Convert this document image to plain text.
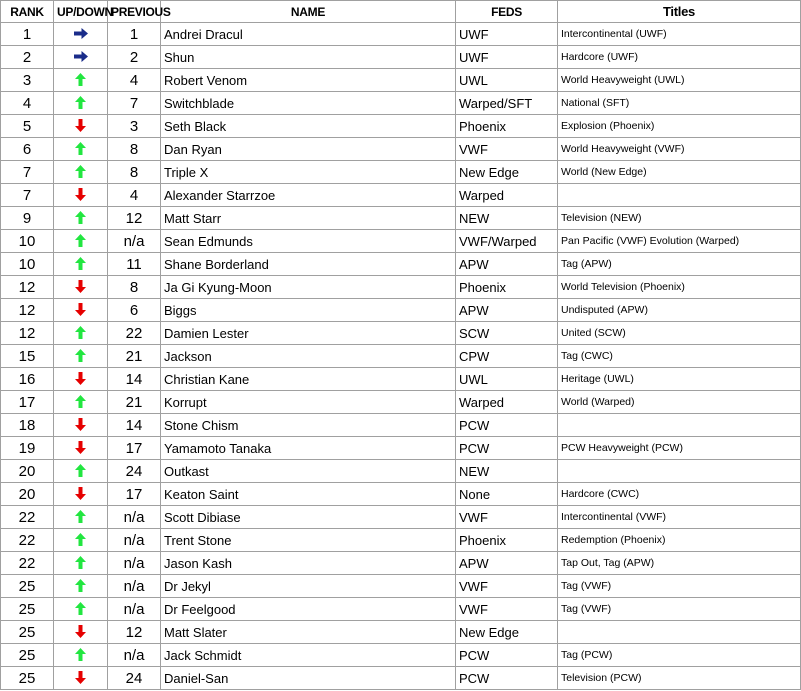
RANK	UP/DOWN	PREVIOUS	NAME	FEDS	Titles
1		1	Andrei Dracul	UWF	Intercontinental (UWF)
2		2	Shun	UWF	Hardcore (UWF)
3		4	Robert Venom	UWL	World Heavyweight (UWL)
4		7	Switchblade	Warped/SFT	National (SFT)
5		3	Seth Black	Phoenix	Explosion (Phoenix)
6		8	Dan Ryan	VWF	World Heavyweight (VWF)
7		8	Triple X	New Edge	World (New Edge)
7		4	Alexander Starrzoe	Warped	
9		12	Matt Starr	NEW	Television (NEW)
10		n/a	Sean Edmunds	VWF/Warped	Pan Pacific (VWF) Evolution (Warped)
10		11	Shane Borderland	APW	Tag (APW)
12		8	Ja Gi Kyung-Moon	Phoenix	World Television (Phoenix)
12		6	Biggs	APW	Undisputed (APW)
12		22	Damien Lester	SCW	United (SCW)
15		21	Jackson	CPW	Tag (CWC)
16		14	Christian Kane	UWL	Heritage (UWL)
17		21	Korrupt	Warped	World (Warped)
18		14	Stone Chism	PCW	
19		17	Yamamoto Tanaka	PCW	PCW Heavyweight (PCW)
20		24	Outkast	NEW	
20		17	Keaton Saint	None	Hardcore (CWC)
22		n/a	Scott Dibiase	VWF	Intercontinental (VWF)
22		n/a	Trent Stone	Phoenix	Redemption (Phoenix)
22		n/a	Jason Kash	APW	Tap Out, Tag (APW)
25		n/a	Dr Jekyl	VWF	Tag (VWF)
25		n/a	Dr Feelgood	VWF	Tag (VWF)
25		12	Matt Slater	New Edge	
25		n/a	Jack Schmidt	PCW	Tag (PCW)
25		24	Daniel-San	PCW	Television (PCW)
